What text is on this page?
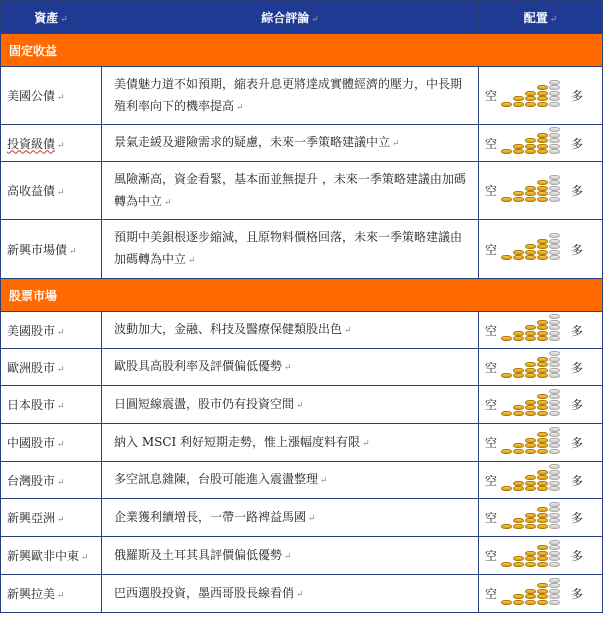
資產 ↵	綜合評論 ↵	配置 ↵
固定收益		
美國公債 ↵	美債魅力道不如預期，縮表升息更將達成實體經濟的壓力，中長期殖利率向下的機率提高 ↵	空 多

投資級債 ↵	景氣走緩及避險需求的疑慮，未來一季策略建議中立 ↵	空 多

高收益債 ↵	風險漸高，資金看緊，基本面並無提升 ，未來一季策略建議由加碼轉為中立 ↵	空 多

新興市場債 ↵	預期中美鋇根逐步縮減，且原物料價格回落，未來一季策略建議由加碼轉為中立 ↵	空 多

股票市場		
美國股市 ↵	波動加大，金融、科技及醫療保健類股出色 ↵	空 多

歐洲股市 ↵	歐股具高股利率及評價偏低優勢 ↵	空 多

日本股市 ↵	日圓短線震盪，股市仍有投資空間 ↵	空 多

中國股市 ↵	納入 MSCI 利好短期走勢，惟上漲幅度料有限 ↵	空 多

台灣股市 ↵	多空訊息雜陳，台股可能進入震盪整理 ↵	空 多

新興亞洲 ↵	企業獲利續增長，一帶一路裨益馬國 ↵	空 多

新興歐非中東 ↵	俄羅斯及土耳其具評價偏低優勢 ↵	空 多

新興拉美 ↵	巴西選股投資，墨西哥股長線看俏 ↵	空 多
